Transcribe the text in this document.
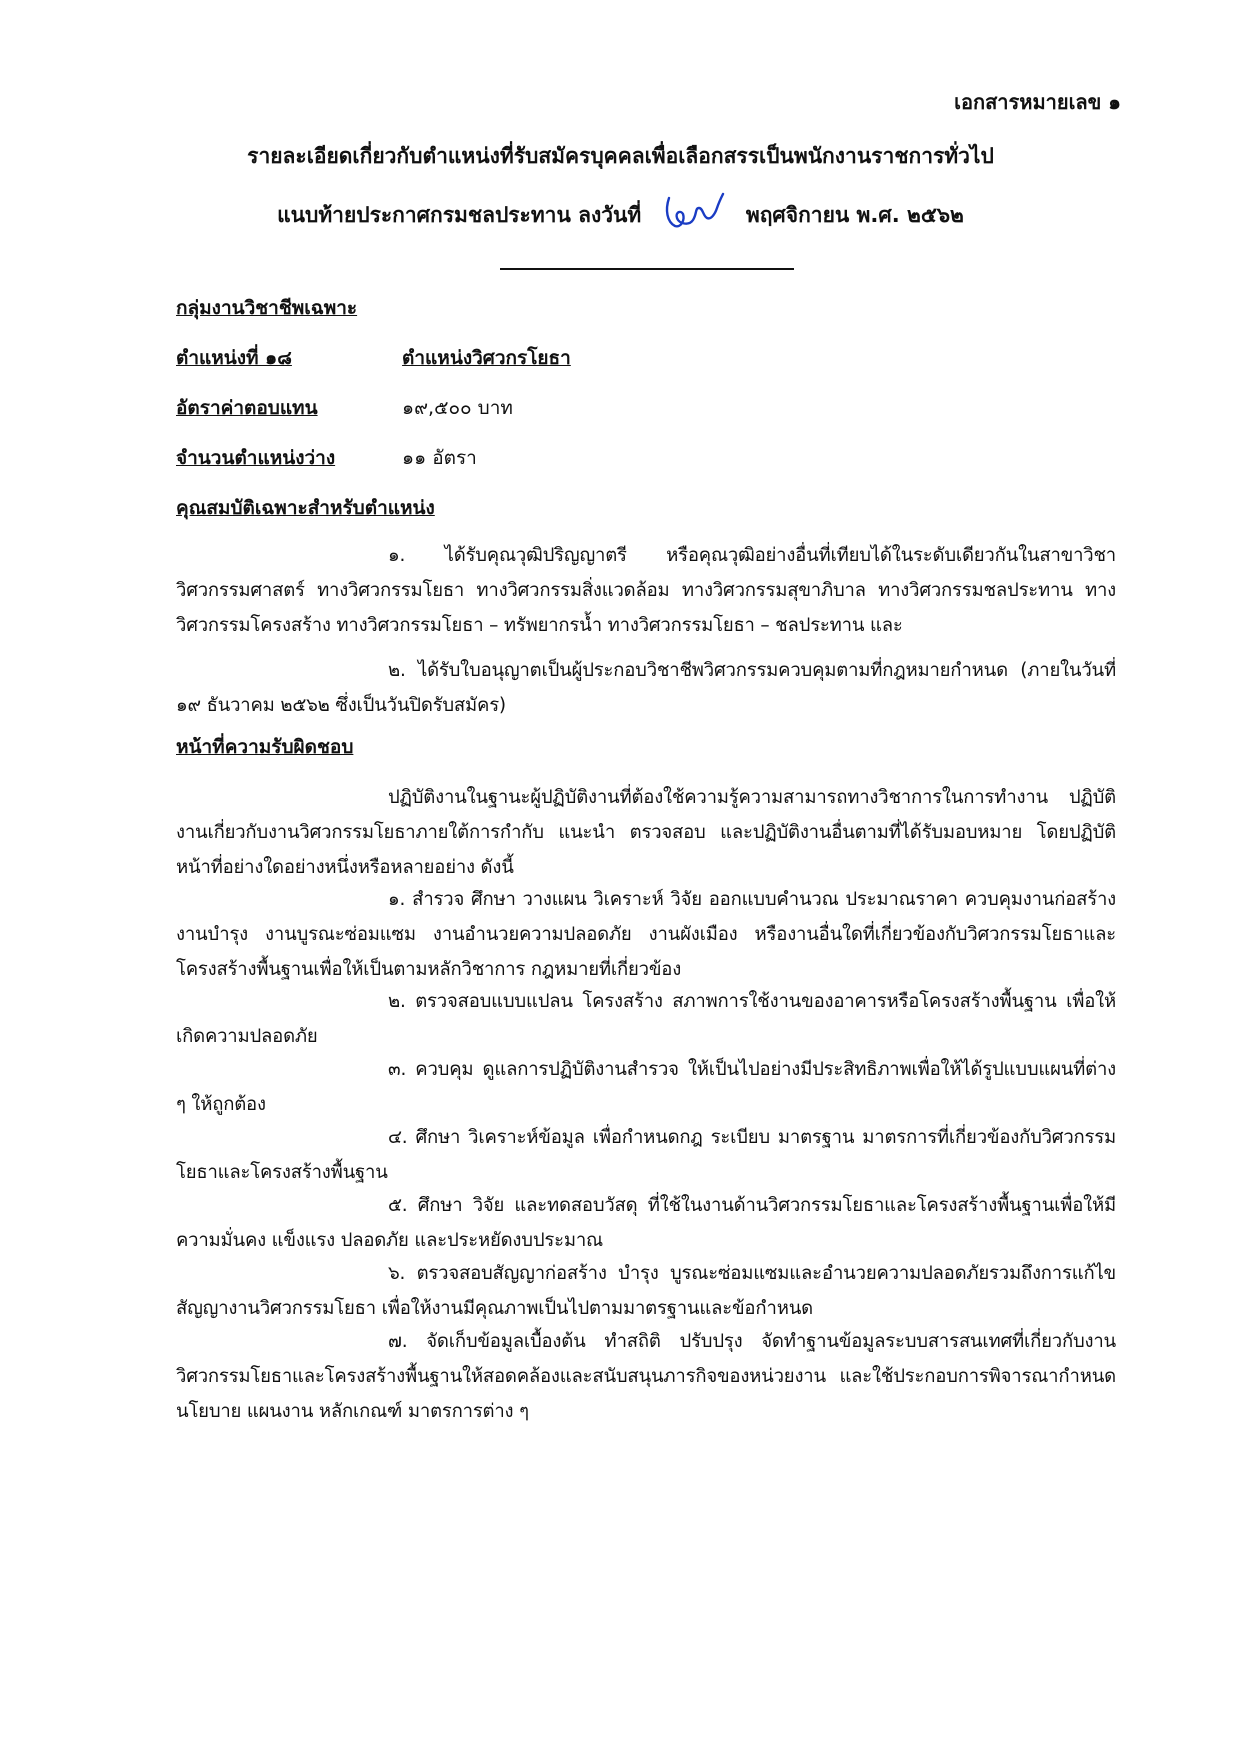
เอกสารหมายเลข ๑
รายละเอียดเกี่ยวกับตำแหน่งที่รับสมัครบุคคลเพื่อเลือกสรรเป็นพนักงานราชการทั่วไป
แนบท้ายประกาศกรมชลประทาน ลงวันที่	พฤศจิกายน พ.ศ. ๒๕๖๒
กลุ่มงานวิชาชีพเฉพาะ
ตำแหน่งที่ ๑๘	ตำแหน่งวิศวกรโยธา
อัตราค่าตอบแทน	๑๙,๕๐๐ บาท
จำนวนตำแหน่งว่าง	๑๑ อัตรา
คุณสมบัติเฉพาะสำหรับตำแหน่ง
๑. ได้รับคุณวุฒิปริญญาตรี หรือคุณวุฒิอย่างอื่นที่เทียบได้ในระดับเดียวกันในสาขาวิชาวิศวกรรมศาสตร์ ทางวิศวกรรมโยธา ทางวิศวกรรมสิ่งแวดล้อม ทางวิศวกรรมสุขาภิบาล ทางวิศวกรรมชลประทาน ทางวิศวกรรมโครงสร้าง ทางวิศวกรรมโยธา – ทรัพยากรน้ำ ทางวิศวกรรมโยธา – ชลประทาน และ
๒. ได้รับใบอนุญาตเป็นผู้ประกอบวิชาชีพวิศวกรรมควบคุมตามที่กฎหมายกำหนด (ภายในวันที่ ๑๙ ธันวาคม ๒๕๖๒ ซึ่งเป็นวันปิดรับสมัคร)
หน้าที่ความรับผิดชอบ
ปฏิบัติงานในฐานะผู้ปฏิบัติงานที่ต้องใช้ความรู้ความสามารถทางวิชาการในการทำงาน ปฏิบัติงานเกี่ยวกับงานวิศวกรรมโยธาภายใต้การกำกับ แนะนำ ตรวจสอบ และปฏิบัติงานอื่นตามที่ได้รับมอบหมาย โดยปฏิบัติหน้าที่อย่างใดอย่างหนึ่งหรือหลายอย่าง ดังนี้
๑. สำรวจ ศึกษา วางแผน วิเคราะห์ วิจัย ออกแบบคำนวณ ประมาณราคา ควบคุมงานก่อสร้าง งานบำรุง งานบูรณะซ่อมแซม งานอำนวยความปลอดภัย งานผังเมือง หรืองานอื่นใดที่เกี่ยวข้องกับวิศวกรรมโยธาและโครงสร้างพื้นฐานเพื่อให้เป็นตามหลักวิชาการ กฎหมายที่เกี่ยวข้อง
๒. ตรวจสอบแบบแปลน โครงสร้าง สภาพการใช้งานของอาคารหรือโครงสร้างพื้นฐาน เพื่อให้เกิดความปลอดภัย
๓. ควบคุม ดูแลการปฏิบัติงานสำรวจ ให้เป็นไปอย่างมีประสิทธิภาพเพื่อให้ได้รูปแบบแผนที่ต่าง ๆ ให้ถูกต้อง
๔. ศึกษา วิเคราะห์ข้อมูล เพื่อกำหนดกฎ ระเบียบ มาตรฐาน มาตรการที่เกี่ยวข้องกับวิศวกรรมโยธาและโครงสร้างพื้นฐาน
๕. ศึกษา วิจัย และทดสอบวัสดุ ที่ใช้ในงานด้านวิศวกรรมโยธาและโครงสร้างพื้นฐานเพื่อให้มีความมั่นคง แข็งแรง ปลอดภัย และประหยัดงบประมาณ
๖. ตรวจสอบสัญญาก่อสร้าง บำรุง บูรณะซ่อมแซมและอำนวยความปลอดภัยรวมถึงการแก้ไขสัญญางานวิศวกรรมโยธา เพื่อให้งานมีคุณภาพเป็นไปตามมาตรฐานและข้อกำหนด
๗. จัดเก็บข้อมูลเบื้องต้น ทำสถิติ ปรับปรุง จัดทำฐานข้อมูลระบบสารสนเทศที่เกี่ยวกับงานวิศวกรรมโยธาและโครงสร้างพื้นฐานให้สอดคล้องและสนับสนุนภารกิจของหน่วยงาน และใช้ประกอบการพิจารณากำหนดนโยบาย แผนงาน หลักเกณฑ์ มาตรการต่าง ๆ
